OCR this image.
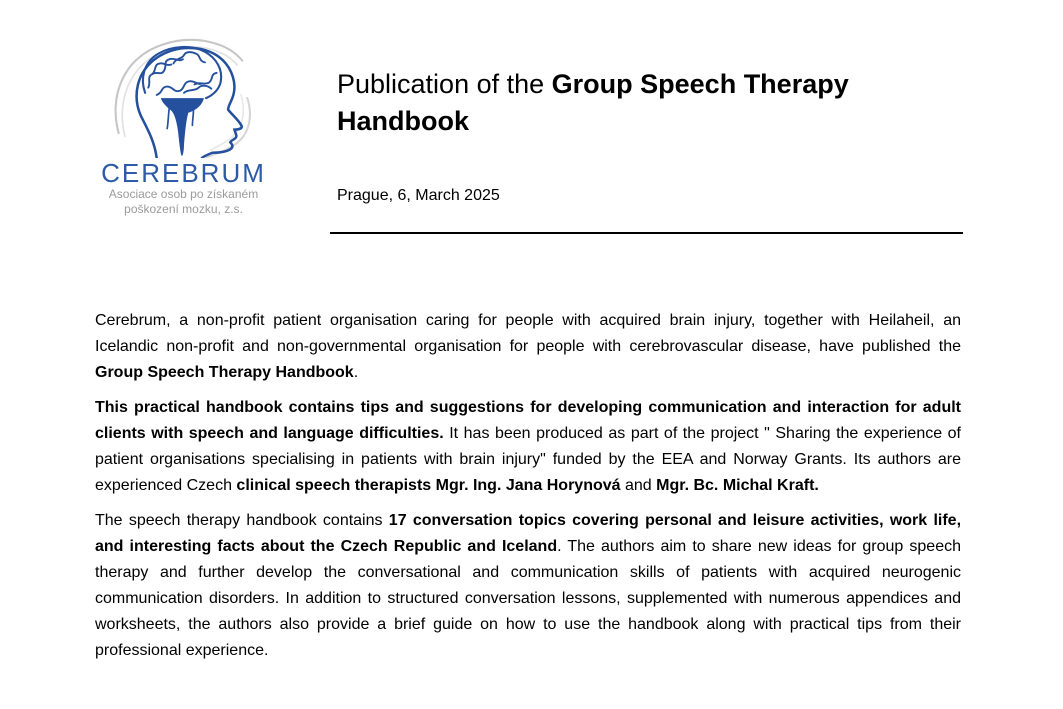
CEREBRUM
Asociace osob po získaném
poškození mozku, z.s.
Publication of the Group Speech Therapy Handbook
Prague, 6, March 2025

Cerebrum, a non-profit patient organisation caring for people with acquired brain injury, together with Heilaheil, an Icelandic non-profit and non-governmental organisation for people with cerebrovascular disease, have published the Group Speech Therapy Handbook.

This practical handbook contains tips and suggestions for developing communication and interaction for adult clients with speech and language difficulties. It has been produced as part of the project " Sharing the experience of patient organisations specialising in patients with brain injury" funded by the EEA and Norway Grants. Its authors are experienced Czech clinical speech therapists Mgr. Ing. Jana Horynová and Mgr. Bc. Michal Kraft.

The speech therapy handbook contains 17 conversation topics covering personal and leisure activities, work life, and interesting facts about the Czech Republic and Iceland. The authors aim to share new ideas for group speech therapy and further develop the conversational and communication skills of patients with acquired neurogenic communication disorders. In addition to structured conversation lessons, supplemented with numerous appendices and worksheets, the authors also provide a brief guide on how to use the handbook along with practical tips from their professional experience.
